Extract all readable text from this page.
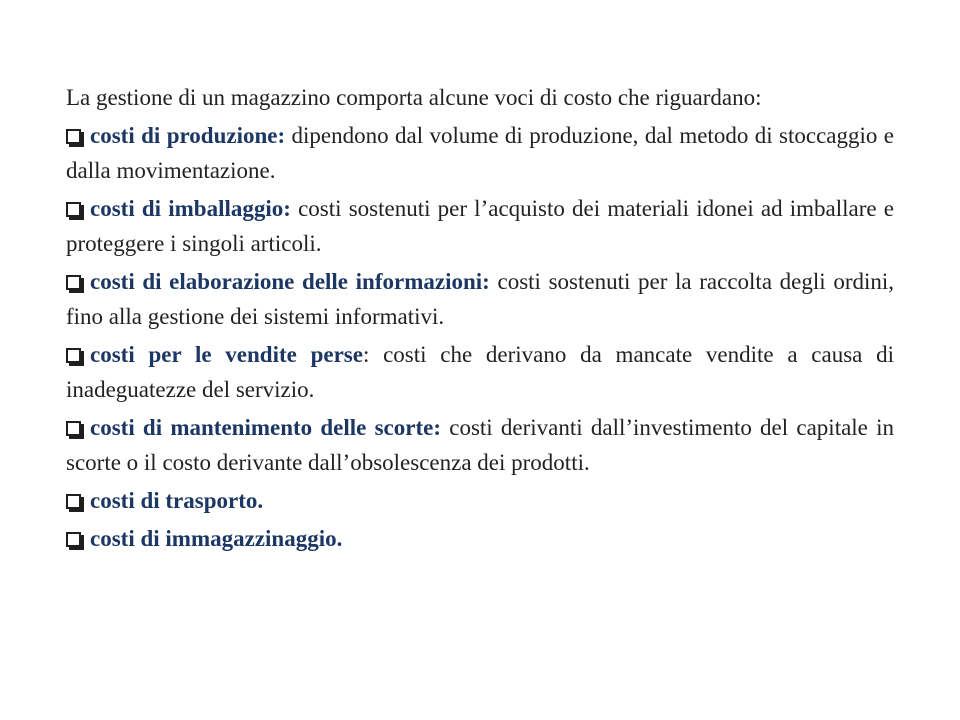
La gestione di un magazzino comporta alcune voci di costo che riguardano:

costi di produzione: dipendono dal volume di produzione, dal metodo di stoccaggio e dalla movimentazione.
costi di imballaggio: costi sostenuti per l’acquisto dei materiali idonei ad imballare e proteggere i singoli articoli.
costi di elaborazione delle informazioni: costi sostenuti per la raccolta degli ordini, fino alla gestione dei sistemi informativi.
costi per le vendite perse: costi che derivano da mancate vendite a causa di inadeguatezze del servizio.
costi di mantenimento delle scorte: costi derivanti dall’investimento del capitale in scorte o il costo derivante dall’obsolescenza dei prodotti.
costi di trasporto.
costi di immagazzinaggio.
